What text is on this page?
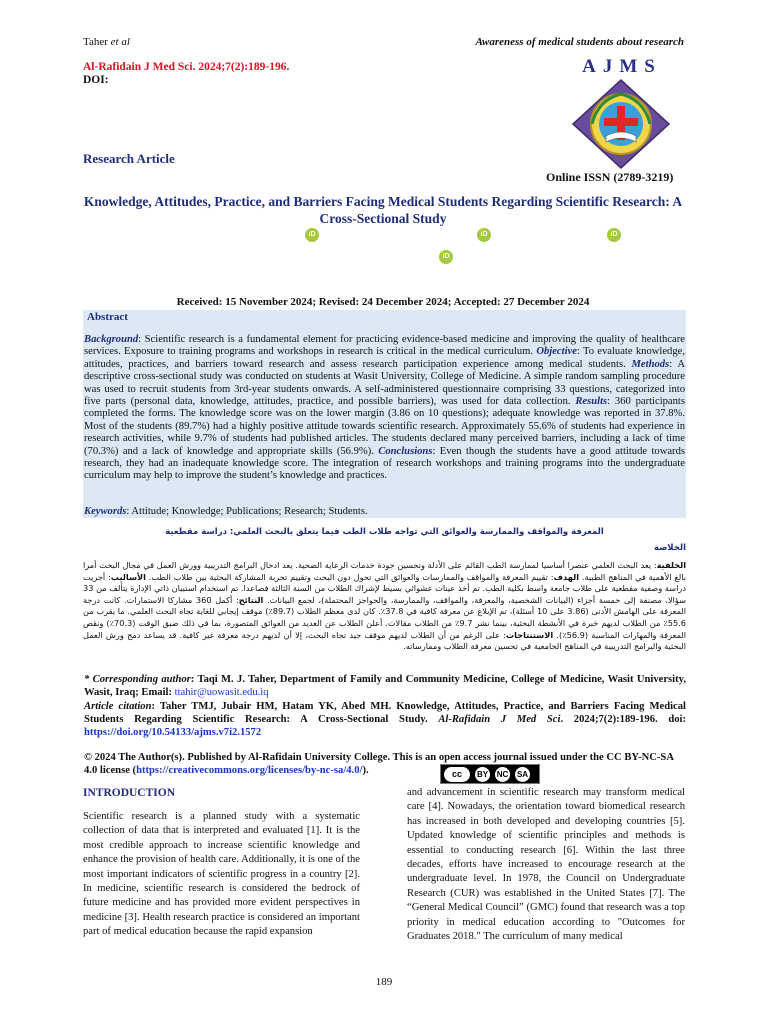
Taher et al	Awareness of medical students about research
Al-Rafidain J Med Sci. 2024;7(2):189-196.
DOI:
AJMS
Online ISSN (2789-3219)
Research Article
Knowledge, Attitudes, Practice, and Barriers Facing Medical Students Regarding Scientific Research: A Cross-Sectional Study
iD	iD	iD
iD
Received: 15 November 2024; Revised: 24 December 2024; Accepted: 27 December 2024
Abstract
Background: Scientific research is a fundamental element for practicing evidence-based medicine and improving the quality of healthcare services. Exposure to training programs and workshops in research is critical in the medical curriculum. Objective: To evaluate knowledge, attitudes, practices, and barriers toward research and assess research participation experience among medical students. Methods: A descriptive cross-sectional study was conducted on students at Wasit University, College of Medicine. A simple random sampling procedure was used to recruit students from 3rd-year students onwards. A self-administered questionnaire comprising 33 questions, categorized into five parts (personal data, knowledge, attitudes, practice, and possible barriers), was used for data collection. Results: 360 participants completed the forms. The knowledge score was on the lower margin (3.86 on 10 questions); adequate knowledge was reported in 37.8%. Most of the students (89.7%) had a highly positive attitude towards scientific research. Approximately 55.6% of students had experience in research activities, while 9.7% of students had published articles. The students declared many perceived barriers, including a lack of time (70.3%) and a lack of knowledge and appropriate skills (56.9%). Conclusions: Even though the students have a good attitude towards research, they had an inadequate knowledge score. The integration of research workshops and training programs into the undergraduate curriculum may help to improve the student’s knowledge and practices.
Keywords: Attitude; Knowledge; Publications; Research; Students.
المعرفة والمواقف والممارسة والعوائق التي تواجه طلاب الطب فيما يتعلق بالبحث العلمي: دراسة مقطعية
الخلاصة
الخلفية: يعد البحث العلمي عنصرا أساسيا لممارسة الطب القائم على الأدلة وتحسين جودة خدمات الرعاية الصحية. يعد ادخال البرامج التدريبية وورش العمل في مجال البحث أمرا بالغ الأهمية في المناهج الطبية. الهدف: تقييم المعرفة والمواقف والممارسات والعوائق التي تحول دون البحث وتقييم تجربة المشاركة البحثية بين طلاب الطب. الأساليب: أجريت دراسة وصفية مقطعية على طلاب جامعة واسط بكلية الطب. تم أخذ عينات عشوائي بسيط لإشراك الطلاب من السنة الثالثة فصاعدا. تم استخدام استبيان ذاتي الإدارة يتألف من 33 سؤالا، مصنفة إلى خمسة أجزاء (البيانات الشخصية، والمعرفة، والمواقف، والممارسة، والحواجز المحتملة)، لجمع البيانات. النتائج: أكمل 360 مشاركا الاستمارات. كانت درجة المعرفة على الهامش الأدنى (3.86 على 10 أسئلة)، تم الإبلاغ عن معرفة كافية في 37.8٪. كان لدى معظم الطلاب (89.7٪) موقف إيجابي للغاية تجاه البحث العلمي. ما يقرب من 55.6٪ من الطلاب لديهم خبرة في الأنشطة البحثية، بينما نشر 9.7٪ من الطلاب مقالات. أعلن الطلاب عن العديد من العوائق المتصورة، بما في ذلك ضيق الوقت (70.3٪) ونقص المعرفة والمهارات المناسبة (56.9٪). الاستنتاجات: على الرغم من أن الطلاب لديهم موقف جيد تجاه البحث، إلا أن لديهم درجة معرفة غير كافية. قد يساعد دمج ورش العمل البحثية والبرامج التدريبية في المناهج الجامعية في تحسين معرفة الطلاب وممارساته.
* Corresponding author: Taqi M. J. Taher, Department of Family and Community Medicine, College of Medicine, Wasit University, Wasit, Iraq; Email: ttahir@uowasit.edu.iq
Article citation: Taher TMJ, Jubair HM, Hatam YK, Abed MH. Knowledge, Attitudes, Practice, and Barriers Facing Medical Students Regarding Scientific Research: A Cross-Sectional Study. Al-Rafidain J Med Sci. 2024;7(2):189-196. doi: https://doi.org/10.54133/ajms.v7i2.1572
© 2024 The Author(s). Published by Al-Rafidain University College. This is an open access journal issued under the CC BY-NC-SA 4.0 license (https://creativecommons.org/licenses/by-nc-sa/4.0/).	cc	BY NC SA
INTRODUCTION
Scientific research is a planned study with a systematic collection of data that is interpreted and evaluated [1]. It is the most credible approach to increase scientific knowledge and enhance the provision of health care. Additionally, it is one of the most important indicators of scientific progress in a country [2]. In medicine, scientific research is considered the bedrock of future medicine and has provided more evident perspectives in medicine [3]. Health research practice is considered an important part of medical education because the rapid expansion
and advancement in scientific research may transform medical care [4]. Nowadays, the orientation toward biomedical research has increased in both developed and developing countries [5]. Updated knowledge of scientific principles and methods is essential to conducting research [6]. Within the last three decades, efforts have increased to encourage research at the undergraduate level. In 1978, the Council on Undergraduate Research (CUR) was established in the United States [7]. The “General Medical Council” (GMC) found that research was a top priority in medical education according to "Outcomes for Graduates 2018." The curriculum of many medical
189
